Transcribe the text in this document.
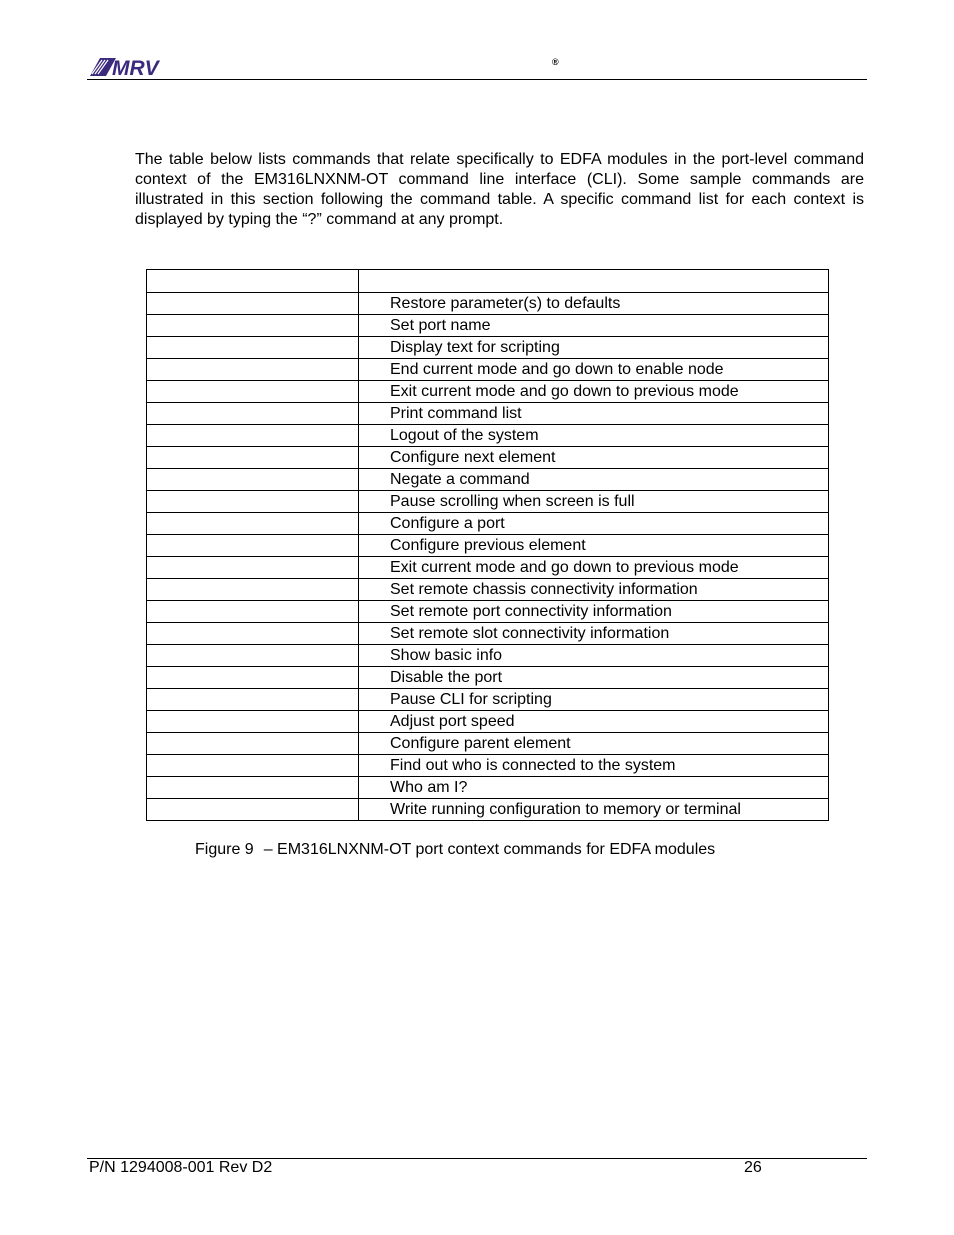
MRV	®

The table below lists commands that relate specifically to EDFA modules in the port-level command context of the EM316LNXNM-OT command line interface (CLI). Some sample commands are illustrated in this section following the command table. A specific command list for each context is displayed by typing the “?” command at any prompt.

	Restore parameter(s) to defaults
	Set port name
	Display text for scripting
	End current mode and go down to enable node
	Exit current mode and go down to previous mode
	Print command list
	Logout of the system
	Configure next element
	Negate a command
	Pause scrolling when screen is full
	Configure a port
	Configure previous element
	Exit current mode and go down to previous mode
	Set remote chassis connectivity information
	Set remote port connectivity information
	Set remote slot connectivity information
	Show basic info
	Disable the port
	Pause CLI for scripting
	Adjust port speed
	Configure parent element
	Find out who is connected to the system
	Who am I?
	Write running configuration to memory or terminal
Figure 9 – EM316LNXNM-OT port context commands for EDFA modules
P/N 1294008-001 Rev D2	26
